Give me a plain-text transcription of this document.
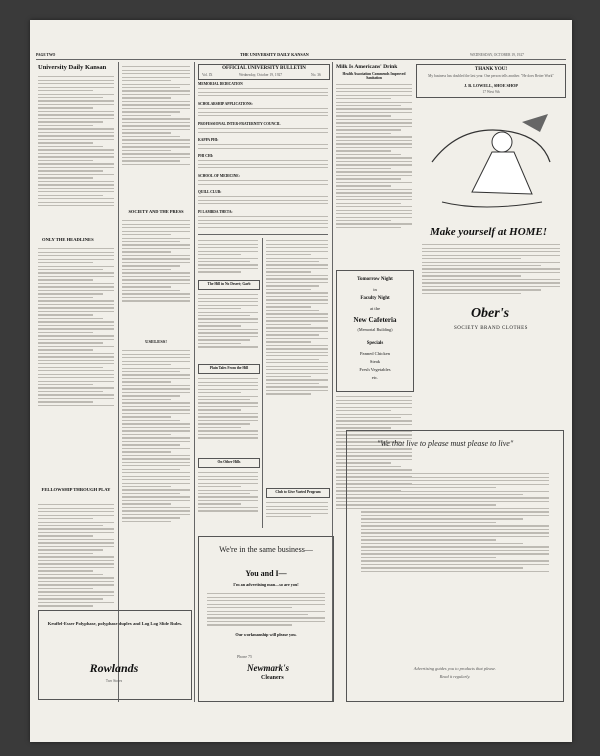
PAGE TWO	THE UNIVERSITY DAILY KANSAN	WEDNESDAY, OCTOBER 19, 1927
University Daily Kansan
ONLY THE HEADLINES
FELLOWSHIP THROUGH PLAY
SOCIETY AND THE PRESS
USELESS!
Keuffel-Esser Polyphase, polyphase duplex and Log Log Slide Rules.
Rowlands
Two Stores
OFFICIAL UNIVERSITY BULLETIN
Vol. IX	Wednesday, October 19, 1927	No. 36
MEMORIAL DEDICATION
SCHOLARSHIP APPLICATIONS:
PROFESSIONAL INTER-FRATERNITY COUNCIL
KAPPA PHI:
PHI CHI:
SCHOOL OF MEDICINE:
QUILL CLUB:
PI LAMBDA THETA:
The Hill in No Desert; Garb
Plain Tales From the Hill
On Other Hills
Club to Give Varied Program
Milk Is Americans' Drink
Health Association Commends Improved Sanitation
Tomorrow Night
in
Faculty Night
at the
New Cafeteria
(Memorial Building)
Specials
Panned Chicken
Steak
Fresh Vegetables
etc.
THANK YOU!
My business has doubled the last year. One person tells another. "He does Better Work"
J. B. LOWELL, SHOE SHOP
17 West 9th
Make yourself at HOME!
Ober's
SOCIETY BRAND CLOTHES
We're in the same business—
You and I—
I'm an advertising man—so are you!
Our workmanship will please you.
Phone 75
Newmark's
Cleaners
"We that live to please must please to live"
Advertising guides you to products that please.
Read it regularly.
